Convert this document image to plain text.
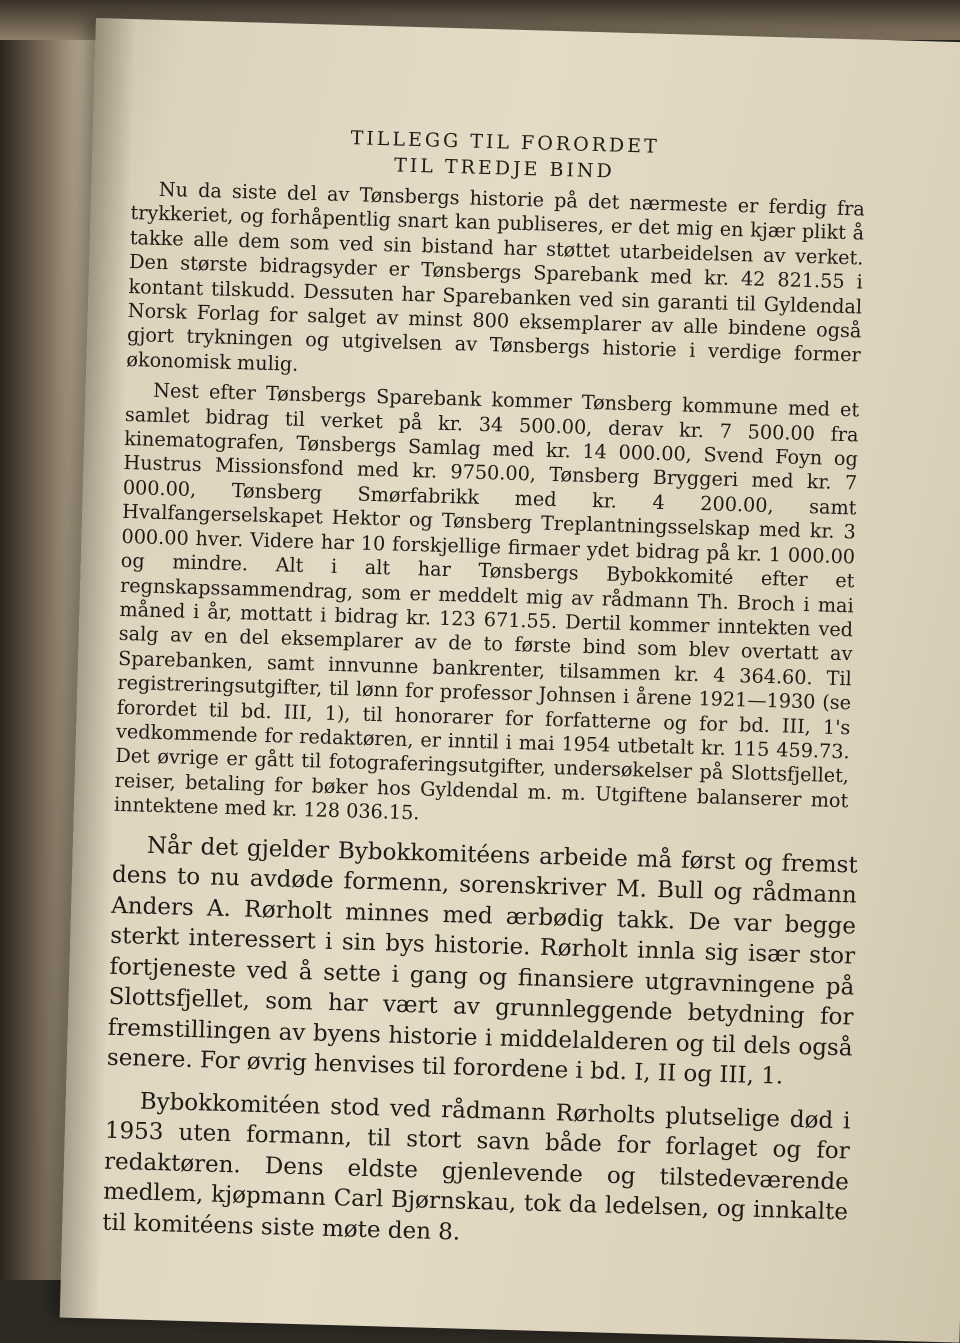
TILLEGG TIL FORORDET
TIL TREDJE BIND

Nu da siste del av Tønsbergs historie på det nærmeste er ferdig fra trykkeriet, og forhåpentlig snart kan publiseres, er det mig en kjær plikt å takke alle dem som ved sin bistand har støttet utarbeidelsen av verket. Den største bidragsyder er Tønsbergs Sparebank med kr. 42 821.55 i kontant tilskudd. Dessuten har Sparebanken ved sin garanti til Gyldendal Norsk Forlag for salget av minst 800 eksemplarer av alle bindene også gjort trykningen og utgivelsen av Tønsbergs historie i verdige former økonomisk mulig.

Nest efter Tønsbergs Sparebank kommer Tønsberg kommune med et samlet bidrag til verket på kr. 34 500.00, derav kr. 7 500.00 fra kinematografen, Tønsbergs Samlag med kr. 14 000.00, Svend Foyn og Hustrus Missionsfond med kr. 9750.00, Tønsberg Bryggeri med kr. 7 000.00, Tønsberg Smørfabrikk med kr. 4 200.00, samt Hvalfangerselskapet Hektor og Tønsberg Treplantningsselskap med kr. 3 000.00 hver. Videre har 10 forskjellige firmaer ydet bidrag på kr. 1 000.00 og mindre. Alt i alt har Tønsbergs Bybokkomité efter et regnskapssammendrag, som er meddelt mig av rådmann Th. Broch i mai måned i år, mottatt i bidrag kr. 123 671.55. Dertil kommer inntekten ved salg av en del eksemplarer av de to første bind som blev overtatt av Sparebanken, samt innvunne bankrenter, tilsammen kr. 4 364.60. Til registreringsutgifter, til lønn for professor Johnsen i årene 1921—1930 (se forordet til bd. III, 1), til honorarer for forfatterne og for bd. III, 1's vedkommende for redaktøren, er inntil i mai 1954 utbetalt kr. 115 459.73. Det øvrige er gått til fotograferingsutgifter, undersøkelser på Slottsfjellet, reiser, betaling for bøker hos Gyldendal m. m. Utgiftene balanserer mot inntektene med kr. 128 036.15.

Når det gjelder Bybokkomitéens arbeide må først og fremst dens to nu avdøde formenn, sorenskriver M. Bull og rådmann Anders A. Rørholt minnes med ærbødig takk. De var begge sterkt interessert i sin bys historie. Rørholt innla sig især stor fortjeneste ved å sette i gang og finansiere utgravningene på Slottsfjellet, som har vært av grunnleggende betydning for fremstillingen av byens historie i middelalderen og til dels også senere. For øvrig henvises til forordene i bd. I, II og III, 1.

Bybokkomitéen stod ved rådmann Rørholts plutselige død i 1953 uten formann, til stort savn både for forlaget og for redaktøren. Dens eldste gjenlevende og tilstedeværende medlem, kjøpmann Carl Bjørnskau, tok da ledelsen, og innkalte til komitéens siste møte den 8.
